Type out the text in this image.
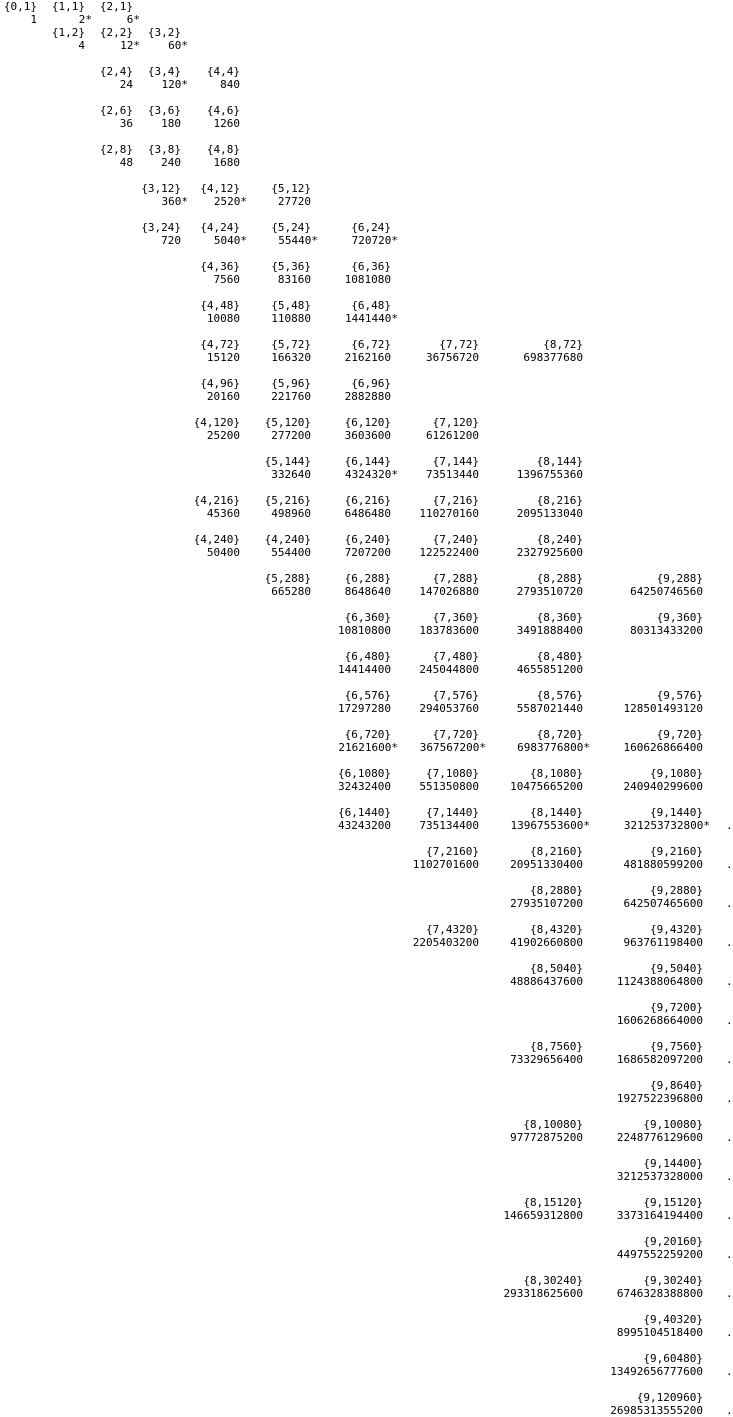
{0,1}
1
{1,1}
2*
{2,1}
6*
{1,2}
4
{2,2}
12*
{3,2}
60*
{2,4}
24
{3,4}
120*
{4,4}
840
{2,6}
36
{3,6}
180
{4,6}
1260
{2,8}
48
{3,8}
240
{4,8}
1680
{3,12}
360*
{4,12}
2520*
{5,12}
27720
{3,24}
720
{4,24}
5040*
{5,24}
55440*
{6,24}
720720*
{4,36}
7560
{5,36}
83160
{6,36}
1081080
{4,48}
10080
{5,48}
110880
{6,48}
1441440*
{4,72}
15120
{5,72}
166320
{6,72}
2162160
{7,72}
36756720
{8,72}
698377680
{4,96}
20160
{5,96}
221760
{6,96}
2882880
{4,120}
25200
{5,120}
277200
{6,120}
3603600
{7,120}
61261200
{5,144}
332640
{6,144}
4324320*
{7,144}
73513440
{8,144}
1396755360
{4,216}
45360
{5,216}
498960
{6,216}
6486480
{7,216}
110270160
{8,216}
2095133040
{4,240}
50400
{4,240}
554400
{6,240}
7207200
{7,240}
122522400
{8,240}
2327925600
{5,288}
665280
{6,288}
8648640
{7,288}
147026880
{8,288}
2793510720
{9,288}
64250746560
{6,360}
10810800
{7,360}
183783600
{8,360}
3491888400
{9,360}
80313433200
{6,480}
14414400
{7,480}
245044800
{8,480}
4655851200
{6,576}
17297280
{7,576}
294053760
{8,576}
5587021440
{9,576}
128501493120
{6,720}
21621600*
{7,720}
367567200*
{8,720}
6983776800*
{9,720}
160626866400
{6,1080}
32432400
{7,1080}
551350800
{8,1080}
10475665200
{9,1080}
240940299600
{6,1440}
43243200
{7,1440}
735134400
{8,1440}
13967553600*
{9,1440}
321253732800*
{7,2160}
1102701600
{8,2160}
20951330400
{9,2160}
481880599200
{8,2880}
27935107200
{9,2880}
642507465600
{7,4320}
2205403200
{8,4320}
41902660800
{9,4320}
963761198400
{8,5040}
48886437600
{9,5040}
1124388064800
{9,7200}
1606268664000
{8,7560}
73329656400
{9,7560}
1686582097200
{9,8640}
1927522396800
{8,10080}
97772875200
{9,10080}
2248776129600
{9,14400}
3212537328000
{8,15120}
146659312800
{9,15120}
3373164194400
{9,20160}
4497552259200
{8,30240}
293318625600
{9,30240}
6746328388800
{9,40320}
8995104518400
{9,60480}
13492656777600
{9,120960}
26985313555200
.
.
.
.
.
.
.
.
.
.
.
.
.
.
.
.
